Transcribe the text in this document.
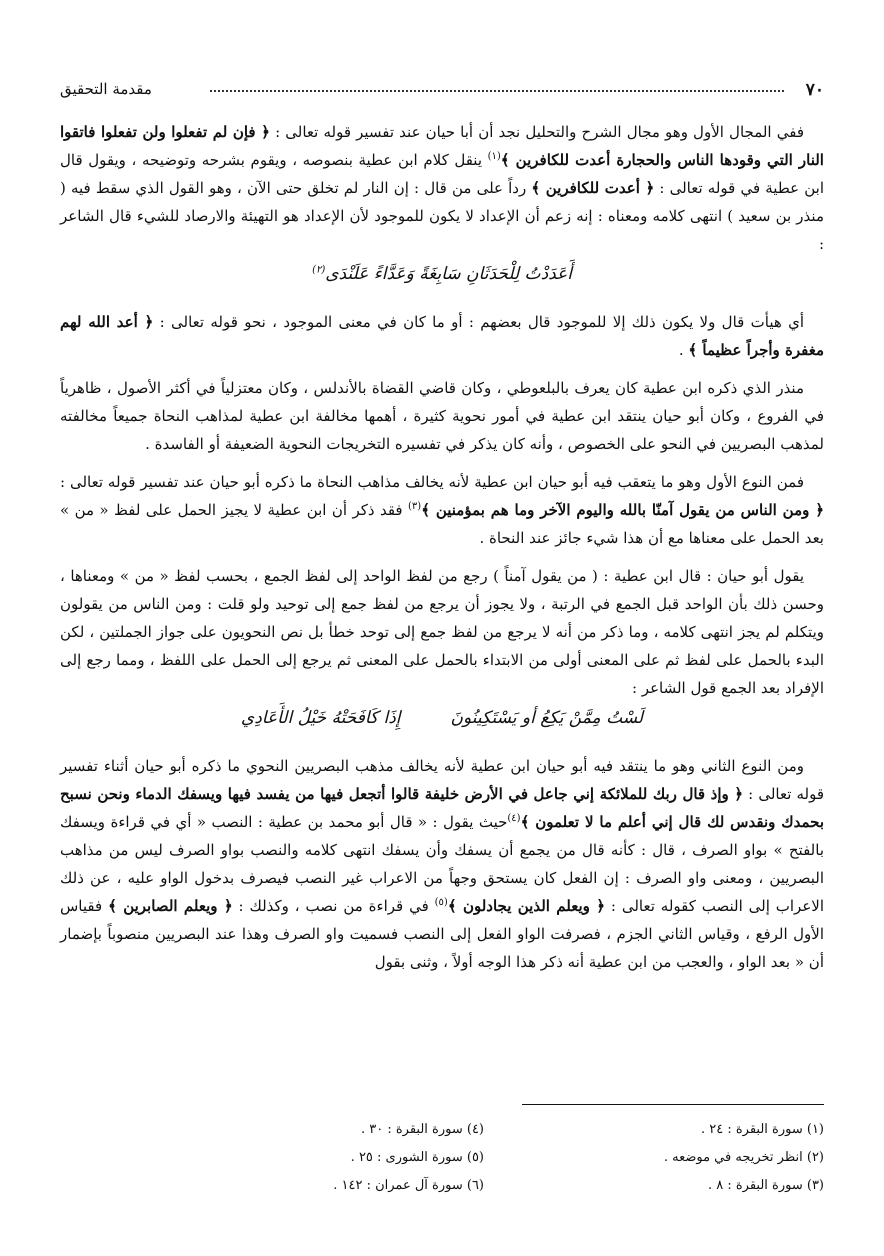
٧٠
مقدمة التحقيق

ففي المجال الأول وهو مجال الشرح والتحليل نجد أن أبا حيان عند تفسير قوله تعالى : ﴿ فإن لم تفعلوا ولن تفعلوا فاتقوا النار التي وقودها الناس والحجارة أعدت للكافرين ﴾$^{(١)}$ ينقل كلام ابن عطية بنصوصه ، ويقوم بشرحه وتوضيحه ، ويقول قال ابن عطية في قوله تعالى : ﴿ أعدت للكافرين ﴾ رداً على من قال : إن النار لم تخلق حتى الآن ، وهو القول الذي سقط فيه ( منذر بن سعيد ) انتهى كلامه ومعناه : إنه زعم أن الإعداد لا يكون للموجود لأن الإعداد هو التهيئة والارصاد للشيء قال الشاعر :

أَعَدَدْتُ لِلْحَدَثَانِ سَابِغَةً وَعَدَّاءً عَلَنْدَى$^{(٢)}$

أي هيأت قال ولا يكون ذلك إلا للموجود قال بعضهم : أو ما كان في معنى الموجود ، نحو قوله تعالى : ﴿ أعد الله لهم مغفرة وأجراً عظيماً ﴾ .

منذر الذي ذكره ابن عطية كان يعرف بالبلعوطي ، وكان قاضي القضاة بالأندلس ، وكان معتزلياً في أكثر الأصول ، ظاهرياً في الفروع ، وكان أبو حيان ينتقد ابن عطية في أمور نحوية كثيرة ، أهمها مخالفة ابن عطية لمذاهب النحاة جميعاً مخالفته لمذهب البصريين في النحو على الخصوص ، وأنه كان يذكر في تفسيره التخريجات النحوية الضعيفة أو الفاسدة .

فمن النوع الأول وهو ما يتعقب فيه أبو حيان ابن عطية لأنه يخالف مذاهب النحاة ما ذكره أبو حيان عند تفسير قوله تعالى : ﴿ ومن الناس من يقول آمنّا بالله واليوم الآخر وما هم بمؤمنين ﴾$^{(٣)}$ فقد ذكر أن ابن عطية لا يجيز الحمل على لفظ « من » بعد الحمل على معناها مع أن هذا شيء جائز عند النحاة .

يقول أبو حيان : قال ابن عطية : ( من يقول آمناً ) رجع من لفظ الواحد إلى لفظ الجمع ، بحسب لفظ « من » ومعناها ، وحسن ذلك بأن الواحد قبل الجمع في الرتبة ، ولا يجوز أن يرجع من لفظ جمع إلى توحيد ولو قلت : ومن الناس من يقولون ويتكلم لم يجز انتهى كلامه ، وما ذكر من أنه لا يرجع من لفظ جمع إلى توحد خطأ بل نص النحويون على جواز الجملتين ، لكن البدء بالحمل على لفظ ثم على المعنى أولى من الابتداء بالحمل على المعنى ثم يرجع إلى الحمل على اللفظ ، ومما رجع إلى الإفراد بعد الجمع قول الشاعر :

لَسْتُ مِمَّنْ يَكِعُ أو يَسْتَكِينُونَ
إِذَا كَافَحَتْهُ خَيْلُ الأَعَادِي

ومن النوع الثاني وهو ما ينتقد فيه أبو حيان ابن عطية لأنه يخالف مذهب البصريين النحوي ما ذكره أبو حيان أثناء تفسير قوله تعالى : ﴿ وإذ قال ربك للملائكة إني جاعل في الأرض خليفة قالوا أتجعل فيها من يفسد فيها ويسفك الدماء ونحن نسبح بحمدك ونقدس لك قال إني أعلم ما لا تعلمون ﴾$^{(٤)}$حيث يقول : « قال أبو محمد بن عطية : النصب « أي في قراءة ويسفك بالفتح » بواو الصرف ، قال : كأنه قال من يجمع أن يسفك وأن يسفك انتهى كلامه والنصب بواو الصرف ليس من مذاهب البصريين ، ومعنى واو الصرف : إن الفعل كان يستحق وجهاً من الاعراب غير النصب فيصرف بدخول الواو عليه ، عن ذلك الاعراب إلى النصب كقوله تعالى : ﴿ ويعلم الذين يجادلون ﴾$^{(٥)}$ في قراءة من نصب ، وكذلك : ﴿ ويعلم الصابرين ﴾ فقياس الأول الرفع ، وقياس الثاني الجزم ، فصرفت الواو الفعل إلى النصب فسميت واو الصرف وهذا عند البصريين منصوباً بإضمار أن « بعد الواو ، والعجب من ابن عطية أنه ذكر هذا الوجه أولاً ، وثنى بقول

(١) سورة البقرة : ٢٤ .
(٢) انظر تخريجه في موضعه .
(٣) سورة البقرة : ٨ .
(٤) سورة البقرة : ٣٠ .
(٥) سورة الشورى : ٢٥ .
(٦) سورة آل عمران : ١٤٢ .
